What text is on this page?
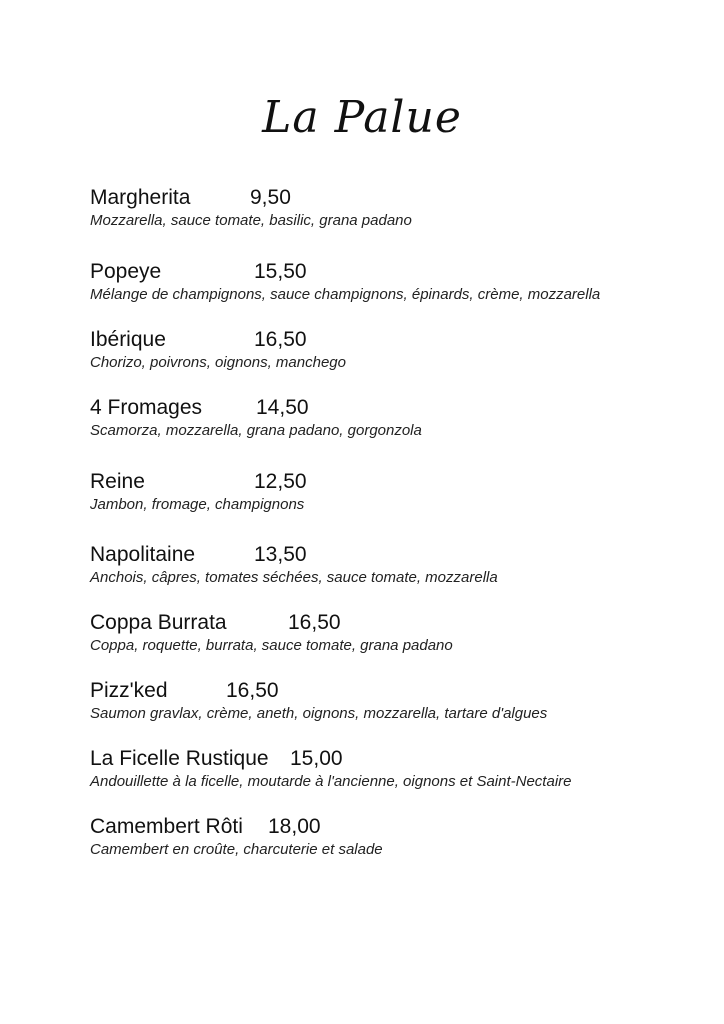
La Palue
Margherita	9,50
Mozzarella, sauce tomate, basilic, grana padano
Popeye	15,50
Mélange de champignons, sauce champignons, épinards, crème, mozzarella
Ibérique	16,50
Chorizo, poivrons, oignons, manchego
4 Fromages	14,50
Scamorza, mozzarella, grana padano, gorgonzola
Reine	12,50
Jambon, fromage, champignons
Napolitaine	13,50
Anchois, câpres, tomates séchées, sauce tomate, mozzarella
Coppa Burrata	16,50
Coppa, roquette, burrata, sauce tomate, grana padano
Pizz'ked	16,50
Saumon gravlax, crème, aneth, oignons, mozzarella, tartare d'algues
La Ficelle Rustique 15,00
Andouillette à la ficelle, moutarde à l'ancienne, oignons et Saint-Nectaire
Camembert Rôti 18,00
Camembert en croûte, charcuterie et salade
